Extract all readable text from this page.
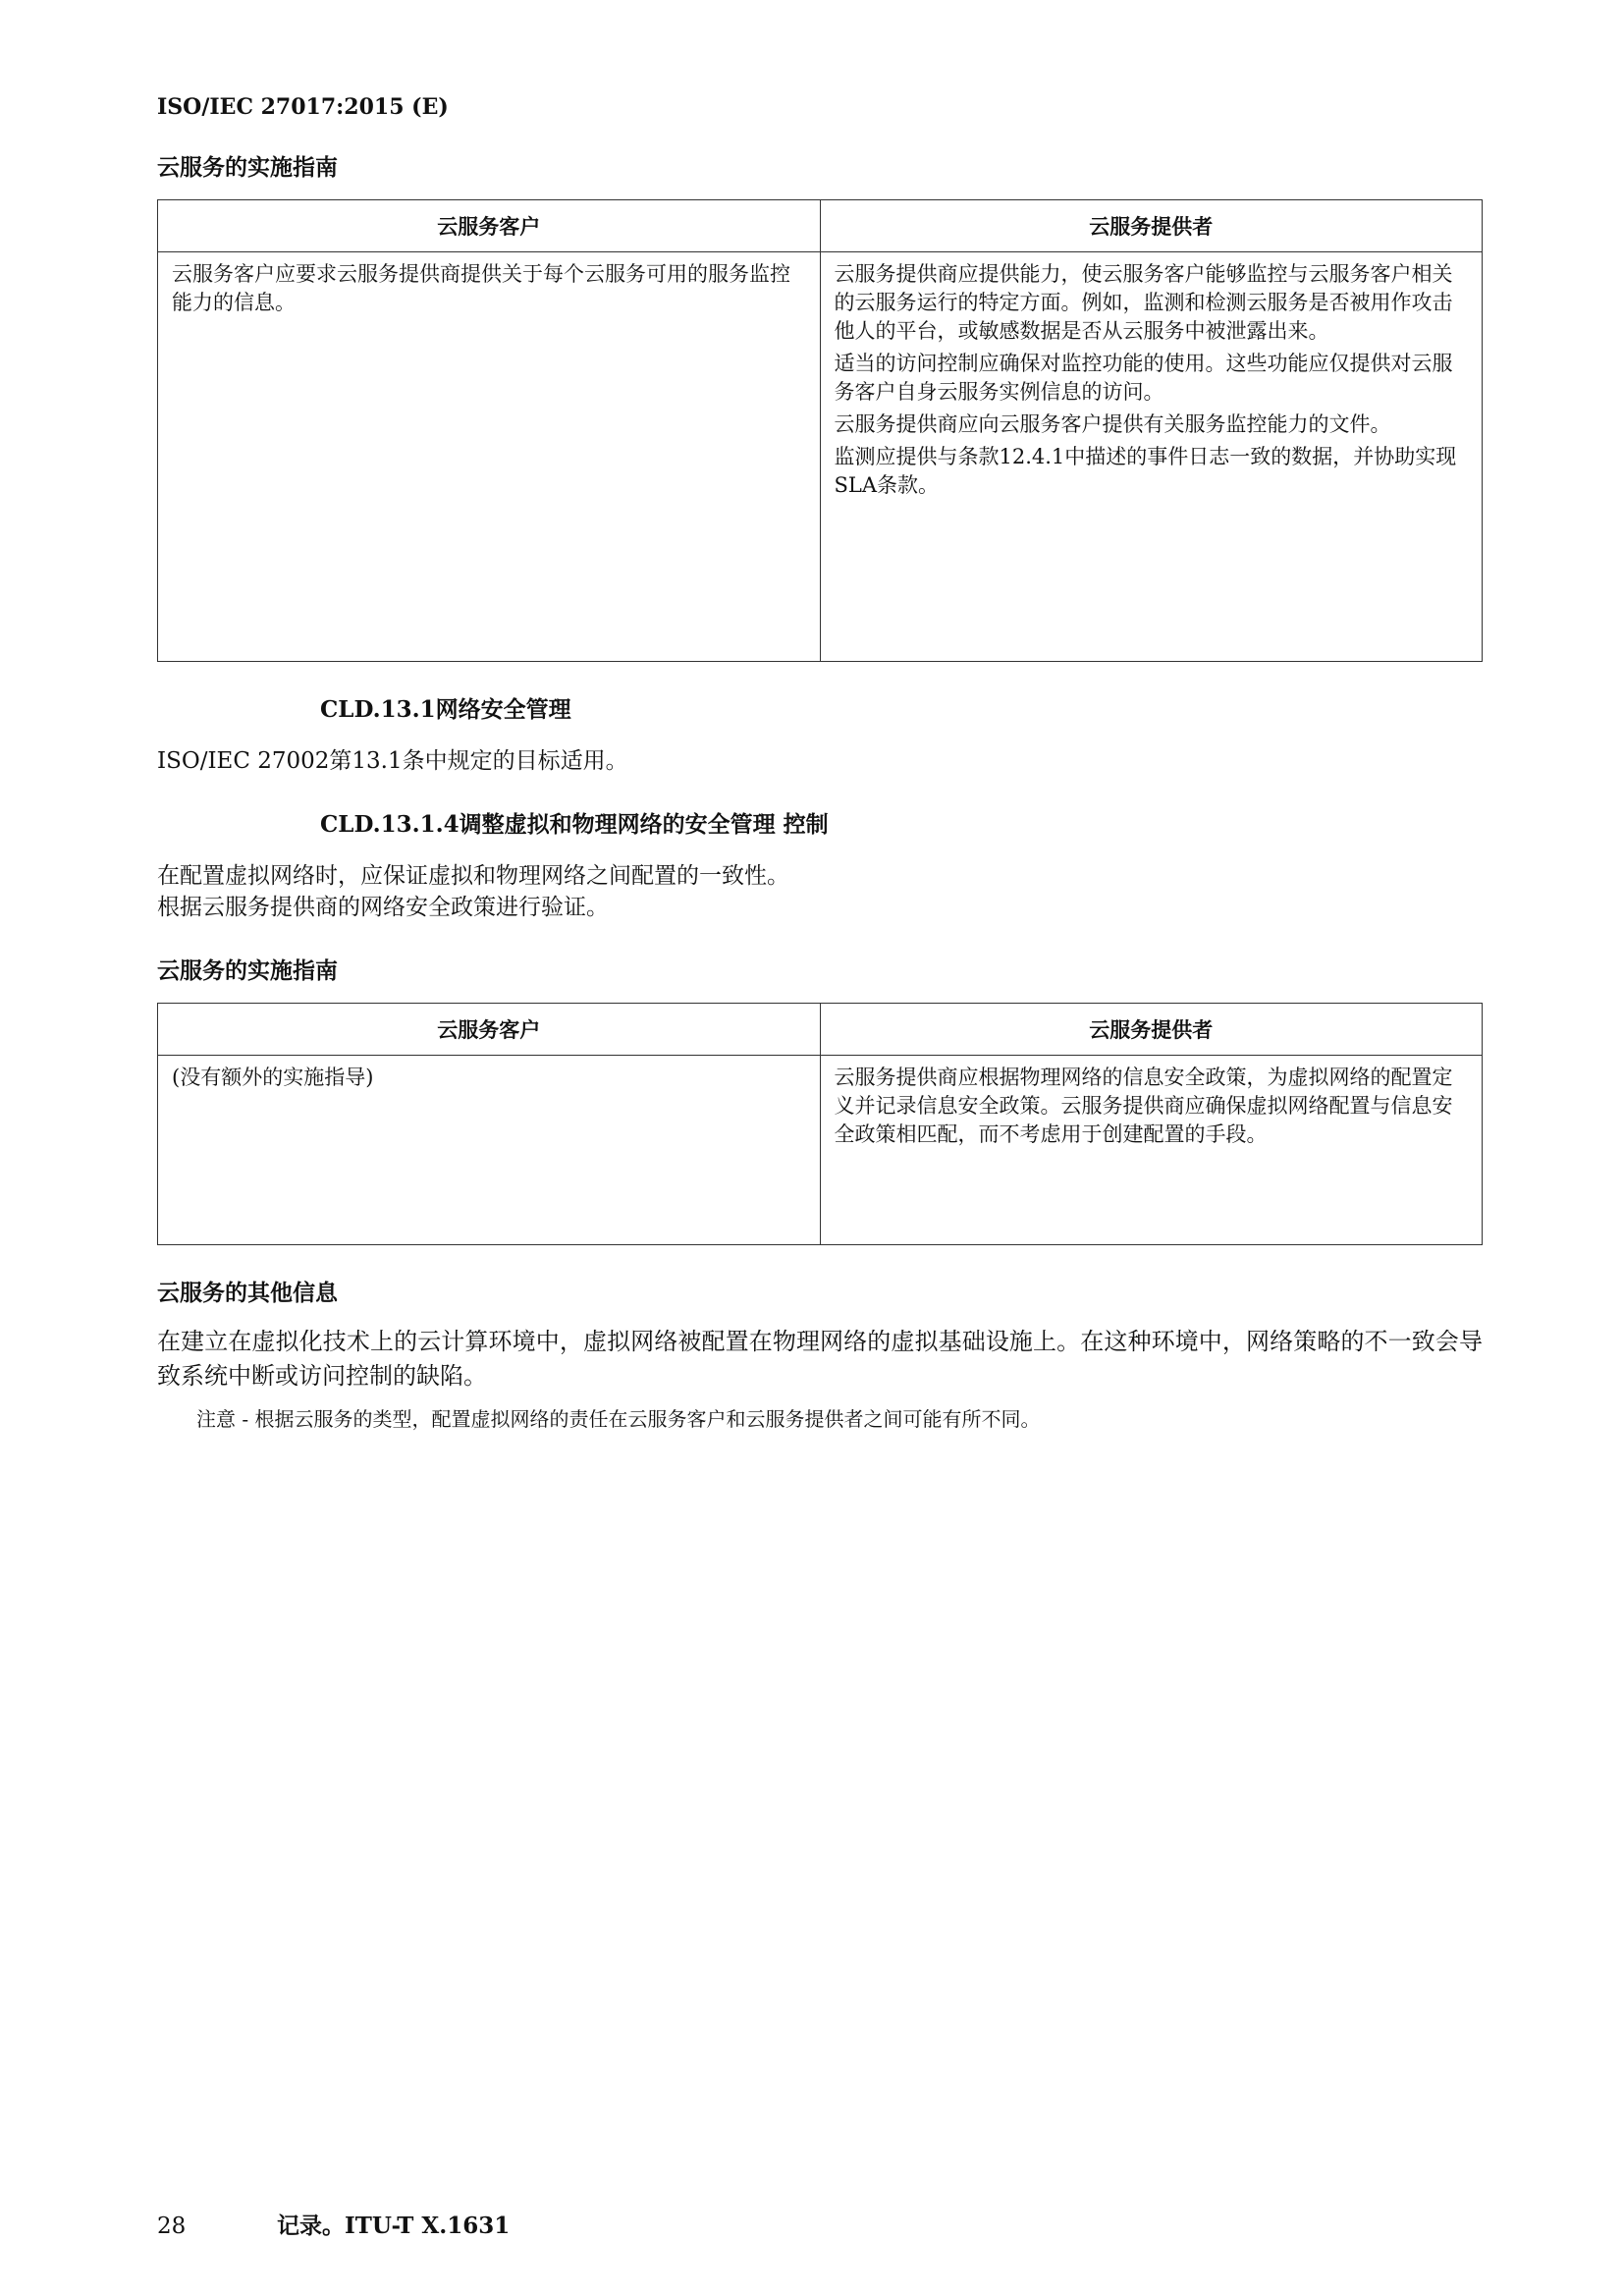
ISO/IEC 27017:2015 (E)
云服务的实施指南
云服务客户	云服务提供者

云服务客户应要求云服务提供商提供关于每个云服务可用的服务监控能力的信息。	云服务提供商应提供能力，使云服务客户能够监控与云服务客户相关的云服务运行的特定方面。例如，监测和检测云服务是否被用作攻击他人的平台，或敏感数据是否从云服务中被泄露出来。

适当的访问控制应确保对监控功能的使用。这些功能应仅提供对云服务客户自身云服务实例信息的访问。

云服务提供商应向云服务客户提供有关服务监控能力的文件。

监测应提供与条款12.4.1中描述的事件日志一致的数据，并协助实现SLA条款。

CLD.13.1网络安全管理

ISO/IEC 27002第13.1条中规定的目标适用。

CLD.13.1.4调整虚拟和物理网络的安全管理 控制

在配置虚拟网络时，应保证虚拟和物理网络之间配置的一致性。

根据云服务提供商的网络安全政策进行验证。

云服务的实施指南
云服务客户	云服务提供者

(没有额外的实施指导)	云服务提供商应根据物理网络的信息安全政策，为虚拟网络的配置定义并记录信息安全政策。云服务提供商应确保虚拟网络配置与信息安全政策相匹配，而不考虑用于创建配置的手段。

云服务的其他信息

在建立在虚拟化技术上的云计算环境中，虚拟网络被配置在物理网络的虚拟基础设施上。在这种环境中，网络策略的不一致会导致系统中断或访问控制的缺陷。

注意 - 根据云服务的类型，配置虚拟网络的责任在云服务客户和云服务提供者之间可能有所不同。

28	记录。ITU-T X.1631
